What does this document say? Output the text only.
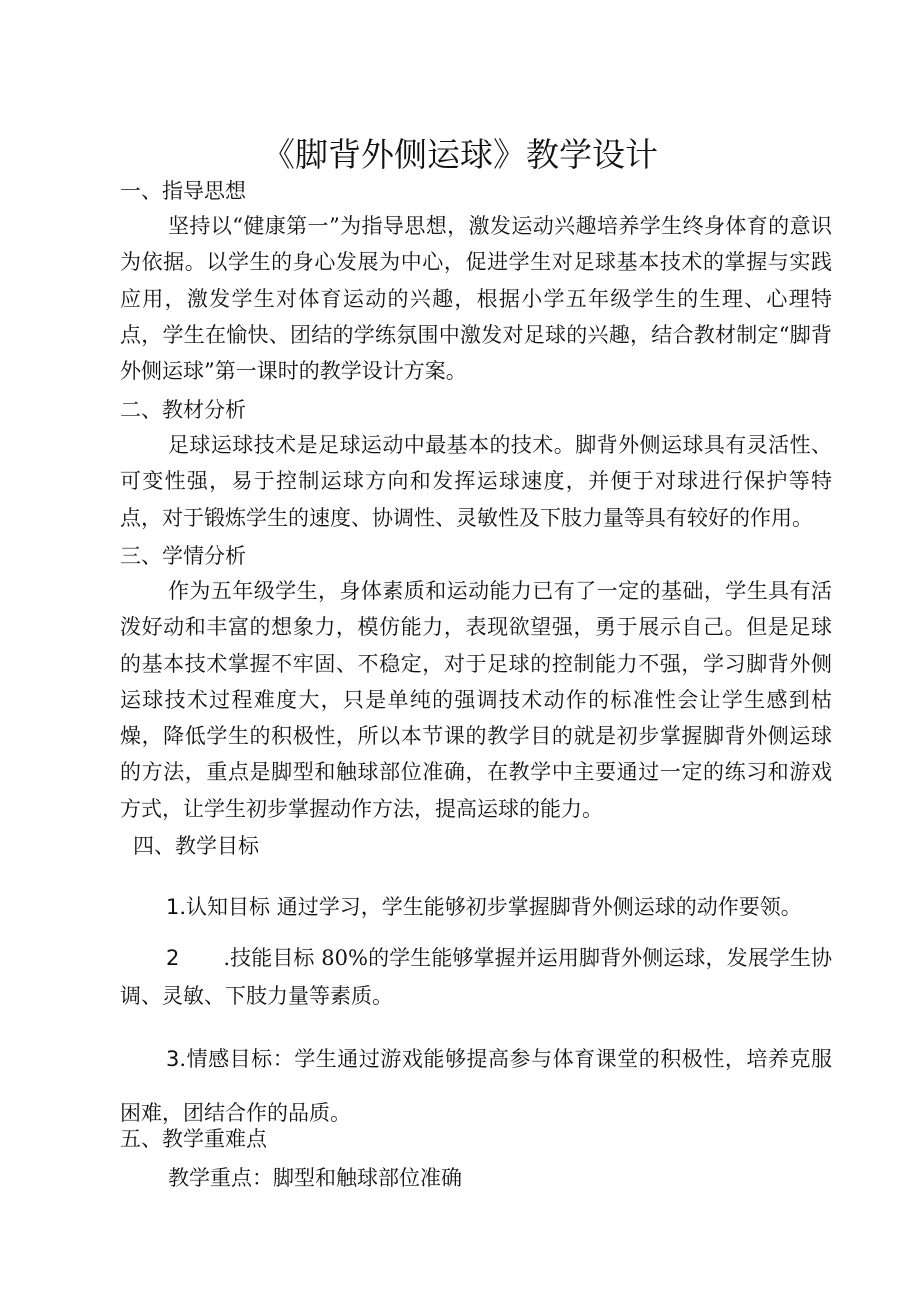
《脚背外侧运球》教学设计
一、指导思想

坚持以“健康第一”为指导思想，激发运动兴趣培养学生终身体育的意识为依据。以学生的身心发展为中心，促进学生对足球基本技术的掌握与实践应用，激发学生对体育运动的兴趣，根据小学五年级学生的生理、心理特点，学生在愉快、团结的学练氛围中激发对足球的兴趣，结合教材制定“脚背外侧运球”第一课时的教学设计方案。

二、教材分析

足球运球技术是足球运动中最基本的技术。脚背外侧运球具有灵活性、可变性强，易于控制运球方向和发挥运球速度，并便于对球进行保护等特点，对于锻炼学生的速度、协调性、灵敏性及下肢力量等具有较好的作用。

三、学情分析

作为五年级学生，身体素质和运动能力已有了一定的基础，学生具有活泼好动和丰富的想象力，模仿能力，表现欲望强，勇于展示自己。但是足球的基本技术掌握不牢固、不稳定，对于足球的控制能力不强，学习脚背外侧运球技术过程难度大，只是单纯的强调技术动作的标准性会让学生感到枯燥，降低学生的积极性，所以本节课的教学目的就是初步掌握脚背外侧运球的方法，重点是脚型和触球部位准确，在教学中主要通过一定的练习和游戏方式，让学生初步掌握动作方法，提高运球的能力。

四、教学目标

1.认知目标 通过学习，学生能够初步掌握脚背外侧运球的动作要领。

2 .技能目标 80%的学生能够掌握并运用脚背外侧运球，发展学生协调、灵敏、下肢力量等素质。

3.情感目标：学生通过游戏能够提高参与体育课堂的积极性，培养克服困难，团结合作的品质。

五、教学重难点

教学重点：脚型和触球部位准确
